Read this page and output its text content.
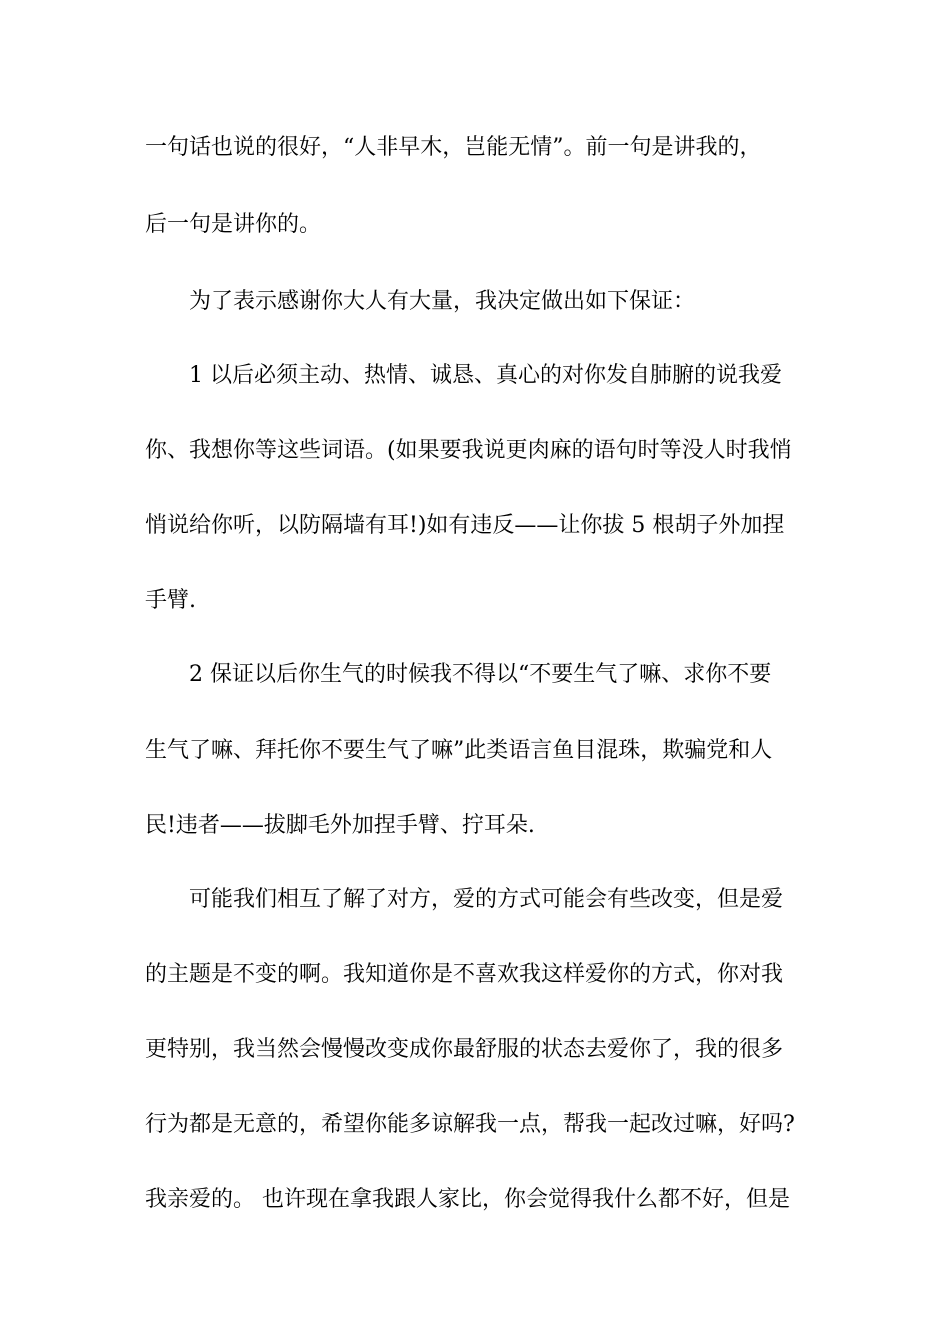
一句话也说的很好，“人非早木，岂能无情”。前一句是讲我的，

后一句是讲你的。

为了表示感谢你大人有大量，我决定做出如下保证：

1 以后必须主动、热情、诚恳、真心的对你发自肺腑的说我爱

你、我想你等这些词语。(如果要我说更肉麻的语句时等没人时我悄

悄说给你听，以防隔墙有耳!)如有违反——让你拔 5 根胡子外加捏

手臂.

2 保证以后你生气的时候我不得以“不要生气了嘛、求你不要

生气了嘛、拜托你不要生气了嘛”此类语言鱼目混珠，欺骗党和人

民!违者——拔脚毛外加捏手臂、拧耳朵.

可能我们相互了解了对方，爱的方式可能会有些改变，但是爱

的主题是不变的啊。我知道你是不喜欢我这样爱你的方式，你对我

更特别，我当然会慢慢改变成你最舒服的状态去爱你了，我的很多

行为都是无意的，希望你能多谅解我一点，帮我一起改过嘛，好吗?

我亲爱的。 也许现在拿我跟人家比，你会觉得我什么都不好，但是
